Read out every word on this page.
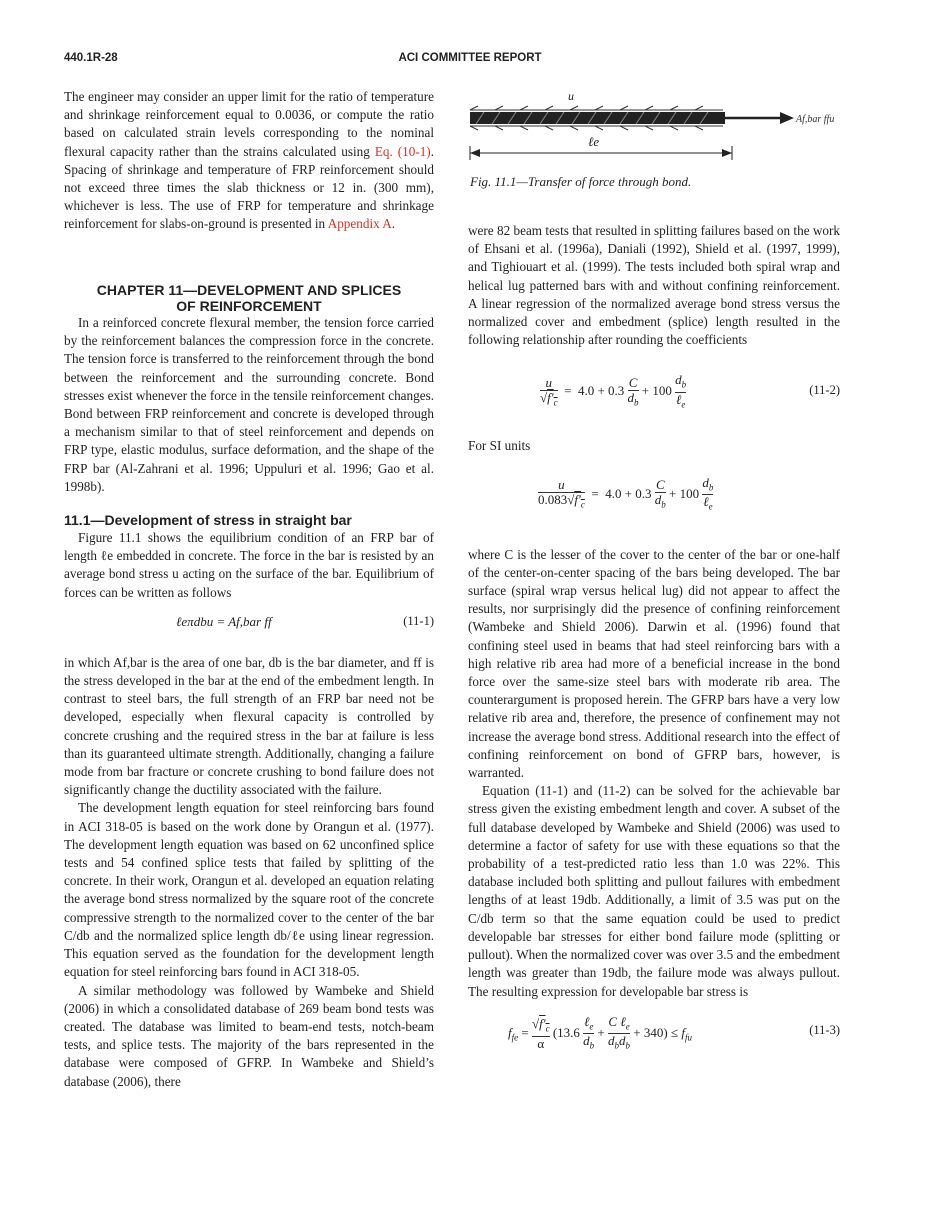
440.1R-28	ACI COMMITTEE REPORT

The engineer may consider an upper limit for the ratio of temperature and shrinkage reinforcement equal to 0.0036, or compute the ratio based on calculated strain levels corresponding to the nominal flexural capacity rather than the strains calculated using Eq. (10-1). Spacing of shrinkage and temperature of FRP reinforcement should not exceed three times the slab thickness or 12 in. (300 mm), whichever is less. The use of FRP for temperature and shrinkage reinforcement for slabs-on-ground is presented in Appendix A.

CHAPTER 11—DEVELOPMENT AND SPLICES
OF REINFORCEMENT

In a reinforced concrete flexural member, the tension force carried by the reinforcement balances the compression force in the concrete. The tension force is transferred to the reinforcement through the bond between the reinforcement and the surrounding concrete. Bond stresses exist whenever the force in the tensile reinforcement changes. Bond between FRP reinforcement and concrete is developed through a mechanism similar to that of steel reinforcement and depends on FRP type, elastic modulus, surface deformation, and the shape of the FRP bar (Al-Zahrani et al. 1996; Uppuluri et al. 1996; Gao et al. 1998b).

11.1—Development of stress in straight bar

Figure 11.1 shows the equilibrium condition of an FRP bar of length ℓe embedded in concrete. The force in the bar is resisted by an average bond stress u acting on the surface of the bar. Equilibrium of forces can be written as follows

ℓeπdbu = Af,bar ff	(11-1)

in which Af,bar is the area of one bar, db is the bar diameter, and ff is the stress developed in the bar at the end of the embedment length. In contrast to steel bars, the full strength of an FRP bar need not be developed, especially when flexural capacity is controlled by concrete crushing and the required stress in the bar at failure is less than its guaranteed ultimate strength. Additionally, changing a failure mode from bar fracture or concrete crushing to bond failure does not significantly change the ductility associated with the failure.

The development length equation for steel reinforcing bars found in ACI 318-05 is based on the work done by Orangun et al. (1977). The development length equation was based on 62 unconfined splice tests and 54 confined splice tests that failed by splitting of the concrete. In their work, Orangun et al. developed an equation relating the average bond stress normalized by the square root of the concrete compressive strength to the normalized cover to the center of the bar C/db and the normalized splice length db/ℓe using linear regression. This equation served as the foundation for the development length equation for steel reinforcing bars found in ACI 318-05.

A similar methodology was followed by Wambeke and Shield (2006) in which a consolidated database of 269 beam bond tests was created. The database was limited to beam-end tests, notch-beam tests, and splice tests. The majority of the bars represented in the database were composed of GFRP. In Wambeke and Shield’s database (2006), there

u
Af,bar ffu
ℓe
Fig. 11.1—Transfer of force through bond.

were 82 beam tests that resulted in splitting failures based on the work of Ehsani et al. (1996a), Daniali (1992), Shield et al. (1997, 1999), and Tighiouart et al. (1999). The tests included both spiral wrap and helical lug patterned bars with and without confining reinforcement. A linear regression of the normalized average bond stress versus the normalized cover and embedment (splice) length resulted in the following relationship after rounding the coefficients

$\frac{u}{√f'_c} = 4.0 + 0.3 \frac{C}{d_b} + 100 \frac{d_b}{\ell_e}$	(11-2)

For SI units

$\frac{u}{0.083√f'_c} = 4.0 + 0.3 \frac{C}{d_b} + 100 \frac{d_b}{\ell_e}$

where C is the lesser of the cover to the center of the bar or one-half of the center-on-center spacing of the bars being developed. The bar surface (spiral wrap versus helical lug) did not appear to affect the results, nor surprisingly did the presence of confining reinforcement (Wambeke and Shield 2006). Darwin et al. (1996) found that confining steel used in beams that had steel reinforcing bars with a high relative rib area had more of a beneficial increase in the bond force over the same-size steel bars with moderate rib area. The counterargument is proposed herein. The GFRP bars have a very low relative rib area and, therefore, the presence of confinement may not increase the average bond stress. Additional research into the effect of confining reinforcement on bond of GFRP bars, however, is warranted.

Equation (11-1) and (11-2) can be solved for the achievable bar stress given the existing embedment length and cover. A subset of the full database developed by Wambeke and Shield (2006) was used to determine a factor of safety for use with these equations so that the probability of a test-predicted ratio less than 1.0 was 22%. This database included both splitting and pullout failures with embedment lengths of at least 19db. Additionally, a limit of 3.5 was put on the C/db term so that the same equation could be used to predict developable bar stresses for either bond failure mode (splitting or pullout). When the normalized cover was over 3.5 and the embedment length was greater than 19db, the failure mode was always pullout. The resulting expression for developable bar stress is

$f_{fe} = \frac{√f'_c}{\alpha} (13.6 \frac{\ell_e}{d_b} + \frac{C \ell_e}{d_bd_b} + 340) \le f_{fu}$
(11-3)
